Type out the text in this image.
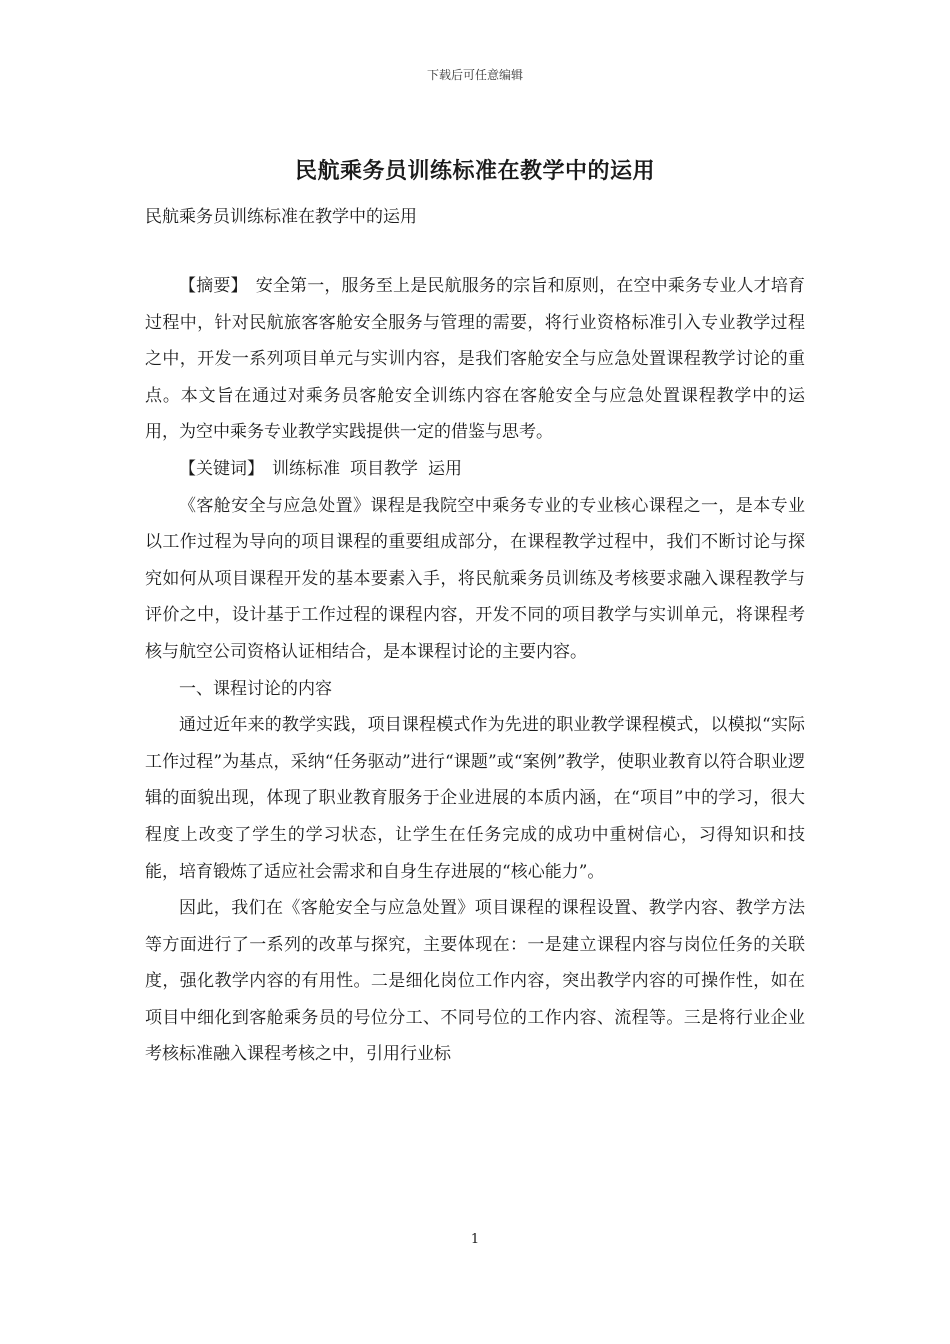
下载后可任意编辑
民航乘务员训练标准在教学中的运用
民航乘务员训练标准在教学中的运用

【摘要】 安全第一，服务至上是民航服务的宗旨和原则，在空中乘务专业人才培育过程中，针对民航旅客客舱安全服务与管理的需要，将行业资格标准引入专业教学过程之中，开发一系列项目单元与实训内容，是我们客舱安全与应急处置课程教学讨论的重点。本文旨在通过对乘务员客舱安全训练内容在客舱安全与应急处置课程教学中的运用，为空中乘务专业教学实践提供一定的借鉴与思考。

【关键词】 训练标准 项目教学 运用

《客舱安全与应急处置》课程是我院空中乘务专业的专业核心课程之一，是本专业以工作过程为导向的项目课程的重要组成部分，在课程教学过程中，我们不断讨论与探究如何从项目课程开发的基本要素入手，将民航乘务员训练及考核要求融入课程教学与评价之中，设计基于工作过程的课程内容，开发不同的项目教学与实训单元，将课程考核与航空公司资格认证相结合，是本课程讨论的主要内容。

一、课程讨论的内容

通过近年来的教学实践，项目课程模式作为先进的职业教学课程模式，以模拟“实际工作过程”为基点，采纳“任务驱动”进行“课题”或“案例”教学，使职业教育以符合职业逻辑的面貌出现，体现了职业教育服务于企业进展的本质内涵，在“项目”中的学习，很大程度上改变了学生的学习状态，让学生在任务完成的成功中重树信心，习得知识和技能，培育锻炼了适应社会需求和自身生存进展的“核心能力”。

因此，我们在《客舱安全与应急处置》项目课程的课程设置、教学内容、教学方法等方面进行了一系列的改革与探究，主要体现在：一是建立课程内容与岗位任务的关联度，强化教学内容的有用性。二是细化岗位工作内容，突出教学内容的可操作性，如在项目中细化到客舱乘务员的号位分工、不同号位的工作内容、流程等。三是将行业企业考核标准融入课程考核之中，引用行业标

1
